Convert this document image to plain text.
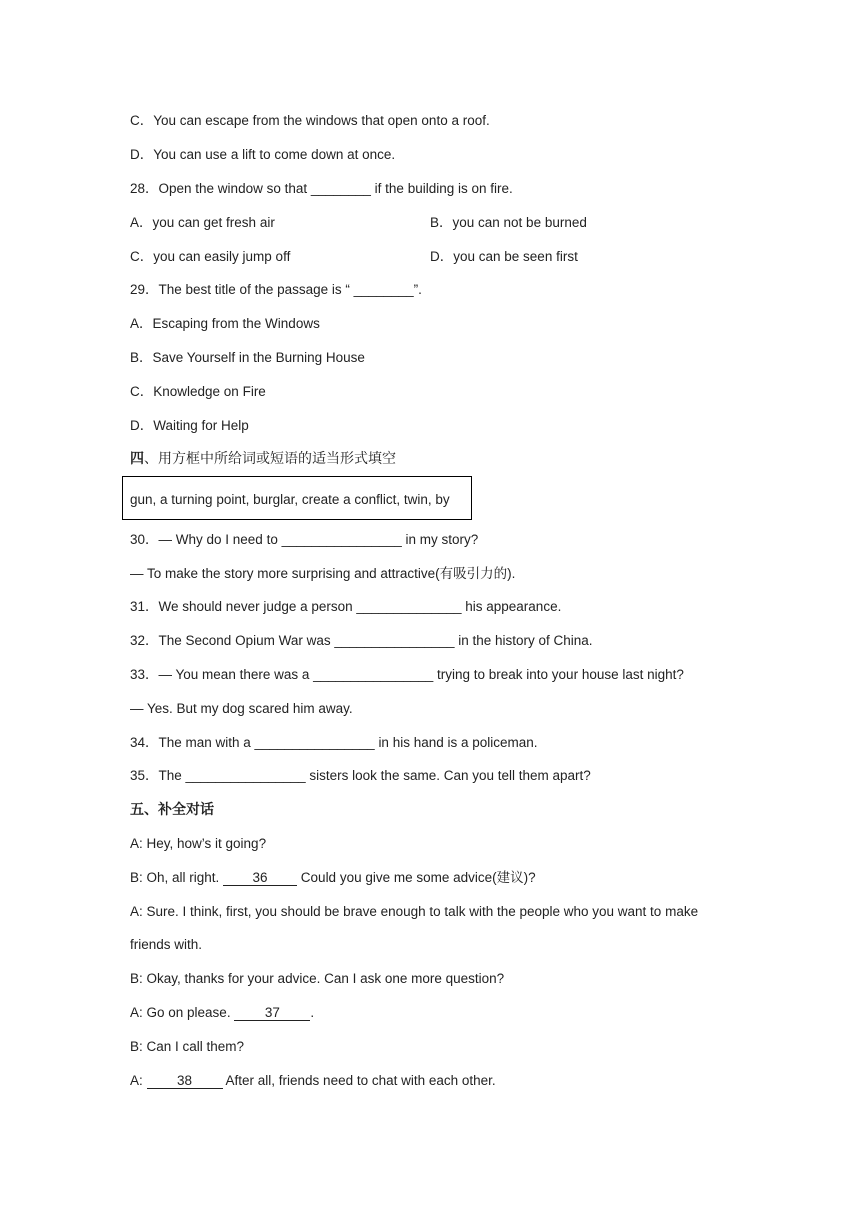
C．You can escape from the windows that open onto a roof.
D．You can use a lift to come down at once.
28．Open the window so that ________ if the building is on fire.
A．you can get fresh air	B．you can not be burned
C．you can easily jump off	D．you can be seen first
29．The best title of the passage is “ ________”.
A．Escaping from the Windows
B．Save Yourself in the Burning House
C．Knowledge on Fire
D．Waiting for Help
四、用方框中所给词或短语的适当形式填空
gun, a turning point, burglar, create a conflict, twin, by
30．— Why do I need to ________________ in my story?
— To make the story more surprising and attractive(有吸引力的).
31．We should never judge a person ______________ his appearance.
32．The Second Opium War was ________________ in the history of China.
33．— You mean there was a ________________ trying to break into your house last night?
— Yes. But my dog scared him away.
34．The man with a ________________ in his hand is a policeman.
35．The ________________ sisters look the same. Can you tell them apart?
五、补全对话
A: Hey, how’s it going?
B: Oh, all right. 36 Could you give me some advice(建议)?
A: Sure. I think, first, you should be brave enough to talk with the people who you want to make
friends with.
B: Okay, thanks for your advice. Can I ask one more question?
A: Go on please. 37 .
B: Can I call them?
A: 38 After all, friends need to chat with each other.
